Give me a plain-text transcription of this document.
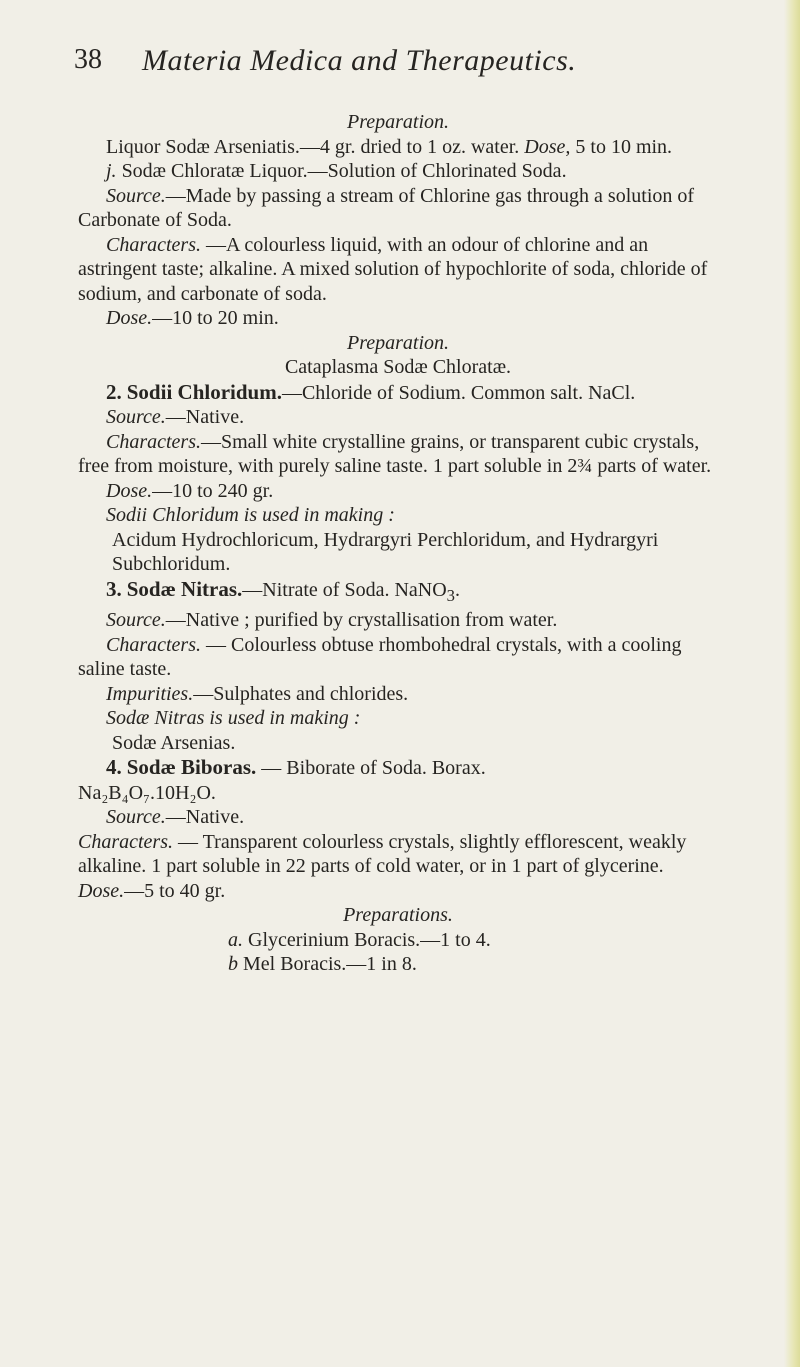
38 Materia Medica and Therapeutics.

Preparation.

Liquor Sodæ Arseniatis.—4 gr. dried to 1 oz. water. Dose, 5 to 10 min.

j. Sodæ Chloratæ Liquor.—Solution of Chlorinated Soda.

Source.—Made by passing a stream of Chlorine gas through a solution of Carbonate of Soda.

Characters. —A colourless liquid, with an odour of chlorine and an astringent taste; alkaline. A mixed solution of hypochlorite of soda, chloride of sodium, and carbonate of soda.

Dose.—10 to 20 min.

Preparation.

Cataplasma Sodæ Chloratæ.

2. Sodii Chloridum.—Chloride of Sodium. Common salt. NaCl.

Source.—Native.

Characters.—Small white crystalline grains, or transparent cubic crystals, free from moisture, with purely saline taste. 1 part soluble in 2¾ parts of water.

Dose.—10 to 240 gr.

Sodii Chloridum is used in making :

Acidum Hydrochloricum, Hydrargyri Perchloridum, and Hydrargyri Subchloridum.

3. Sodæ Nitras.—Nitrate of Soda. NaNO$_3$.

Source.—Native ; purified by crystallisation from water.

Characters. — Colourless obtuse rhombohedral crystals, with a cooling saline taste.

Impurities.—Sulphates and chlorides.

Sodæ Nitras is used in making :

Sodæ Arsenias.

4. Sodæ Biboras. — Biborate of Soda. Borax.

Na₂B₄O₇.10H₂O.

Source.—Native.

Characters. — Transparent colourless crystals, slightly efflorescent, weakly alkaline. 1 part soluble in 22 parts of cold water, or in 1 part of glycerine.

Dose.—5 to 40 gr.

Preparations.

a. Glycerinium Boracis.—1 to 4.

b Mel Boracis.—1 in 8.
